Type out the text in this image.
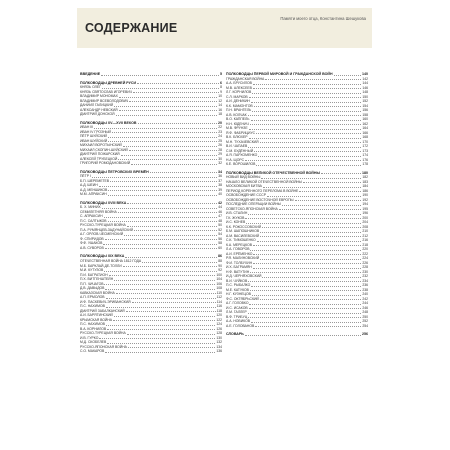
СОДЕРЖАНИЕ
Памяти моего отца, Константина Шешукова
ВВЕДЕНИЕ	5
ПОЛКОВОДЦЫ ДРЕВНЕЙ РУСИ	6
КНЯЗЬ ОЛЕГ	8
КНЯЗЬ СВЯТОСЛАВ ИГОРЕВИЧ	9
ВЛАДИМИР МОНОМАХ	10
ВЛАДИМИР ВСЕВОЛОДОВИЧ	12
ДАНИИЛ ГАЛИЦКИЙ	14
АЛЕКСАНДР НЕВСКИЙ	16
ДМИТРИЙ ДОНСКОЙ	18
ПОЛКОВОДЦЫ XV—XVII ВЕКОВ	20
ИВАН III	22
ИВАН IV ГРОЗНЫЙ	23
ПЁТР ШУЙСКИЙ	24
ИВАН ШУЙСКИЙ	25
МИХАИЛ ВОРОТЫНСКИЙ	26
МИХАИЛ СКОПИН-ШУЙСКИЙ	28
ДМИТРИЙ ПОЖАРСКИЙ	29
АЛЕКСЕЙ ТРУБЕЦКОЙ	30
ГРИГОРИЙ РОМОДАНОВСКИЙ	32
ПОЛКОВОДЦЫ ПЕТРОВСКИХ ВРЕМЁН	34
ПЁТР I	36
Б.П. ШЕРЕМЕТЕВ	37
А.Д. ШЕИН	38
А.Д. МЕНШИКОВ	39
М.М. АПРАКСИН	40
ПОЛКОВОДЦЫ XVIII ВЕКА	42
Б. Х. МИНИХ	44
СЕМИЛЕТНЯЯ ВОЙНА	46
С. АПРАКСИН	47
П.С. САЛТЫКОВ	48
РУССКО-ТУРЕЦКАЯ ВОЙНА	50
П.А. РУМЯНЦЕВ-ЗАДУНАЙСКИЙ	52
А.Г. ОРЛОВ-ЧЕСМЕНСКИЙ	54
Ф. СПИРИДОВ	56
Ф.Ф. УШАКОВ	58
А.В. СУВОРОВ	60
ПОЛКОВОДЦЫ XIX ВЕКА	86
ОТЕЧЕСТВЕННАЯ ВОЙНА 1812 ГОДА	88
М.Б. БАРКЛАЙ-ДЕ-ТОЛЛИ	90
М.И. КУТУЗОВ	92
П.И. БАГРАТИОН	100
П.Х. ВИТГЕНШТЕЙН	104
П.П. ЧИЧАГОВ	106
Д.В. ДАВЫДОВ	108
КАВКАЗСКАЯ ВОЙНА	110
А.П. ЕРМОЛОВ	112
И.Ф. ПАСКЕВИЧ-ЭРИВАНСКИЙ	114
П.С. НАХИМОВ	116
ДМИТРИЙ ЗАБАЛКАНСКИЙ	118
А.И. БАРЯТИНСКИЙ	120
КРЫМСКАЯ ВОЙНА	122
П.С. НАХИМОВ	124
В.А. КОРНИЛОВ	126
РУССКО-ТУРЕЦКАЯ ВОЙНА	128
И.В. ГУРКО	130
М.Д. СКОБЕЛЕВ	132
РУССКО-ЯПОНСКАЯ ВОЙНА	134
С.О. МАКАРОВ	136
ПОЛКОВОДЦЫ ПЕРВОЙ МИРОВОЙ И ГРАЖДАНСКОЙ ВОЙН	140
ГРАЖДАНСКАЯ ВОЙНА	142
А.А. БРУСИЛОВ	144
М.В. АЛЕКСЕЕВ	146
Л.Г. КОРНИЛОВ	148
С.Л. МАРКОВ	150
А.И. ДЕНИКИН	152
К.К. МАМОНТОВ	154
П.Н. ВРАНГЕЛЬ	156
А.В. КОЛЧАК	158
В.О. КАППЕЛЬ	160
Н.Н. ЮДЕНИЧ	162
М.В. ФРУНЗЕ	164
Я.Ф. ФАБРИЦИУС	166
В.К. БЛЮХЕР	168
М.Н. ТУХАЧЕВСКИЙ	170
В.И. ЧАПАЕВ	172
С.М. БУДЁННЫЙ	173
А.Я. ПАРХОМЕНКО	174
Н.А. ЩОРС	176
К.Е. ВОРОШИЛОВ	178
ПОЛКОВОДЦЫ ВЕЛИКОЙ ОТЕЧЕСТВЕННОЙ ВОЙНЫ	180
НОВЫЙ ВИД ВОЙНЫ	182
НАЧАЛО ВЕЛИКОЙ ОТЕЧЕСТВЕННОЙ ВОЙНЫ	183
МОСКОВСКАЯ БИТВА	184
ПЕРИОД КОРЕННОГО ПЕРЕЛОМА В ВОЙНЕ	186
ОСВОБОЖДЕНИЕ СССР	190
ОСВОБОЖДЕНИЕ ВОСТОЧНОЙ ЕВРОПЫ	192
ПОСЛЕДНИЕ ОПЕРАЦИИ ВОЙНЫ	194
СОВЕТСКО-ЯПОНСКАЯ ВОЙНА	195
И.В. СТАЛИН	196
Г.К. ЖУКОВ	200
И.С. КОНЕВ	204
К.К. РОКОССОВСКИЙ	208
Б.М. ШАПОШНИКОВ	210
А.М. ВАСИЛЕВСКИЙ	212
С.К. ТИМОШЕНКО	216
К.А. МЕРЕЦКОВ	218
Л.А. ГОВОРОВ	220
А.И. ЕРЁМЕНКО	222
Р.Я. МАЛИНОВСКИЙ	224
Ф.И. ТОЛБУХИН	226
И.Х. БАГРАМЯН	228
Н.Ф. ВАТУТИН	230
И.Д. ЧЕРНЯХОВСКИЙ	232
В.И. ЧУЙКОВ	234
П.С. РЫБАЛКО	236
М.Е. КАТУКОВ	238
Н.Г. КУЗНЕЦОВ	240
Ф.С. ОКТЯБРЬСКИЙ	242
А.Г. ГОЛОВКО	244
И.С. ИСАКОВ	246
Л.М. ГАЛЛЕР	248
В.Ф. ТРИБУЦ	250
А.А. НОВИКОВ	252
А.Е. ГОЛОВАНОВ	254
СЛОВАРЬ	256
